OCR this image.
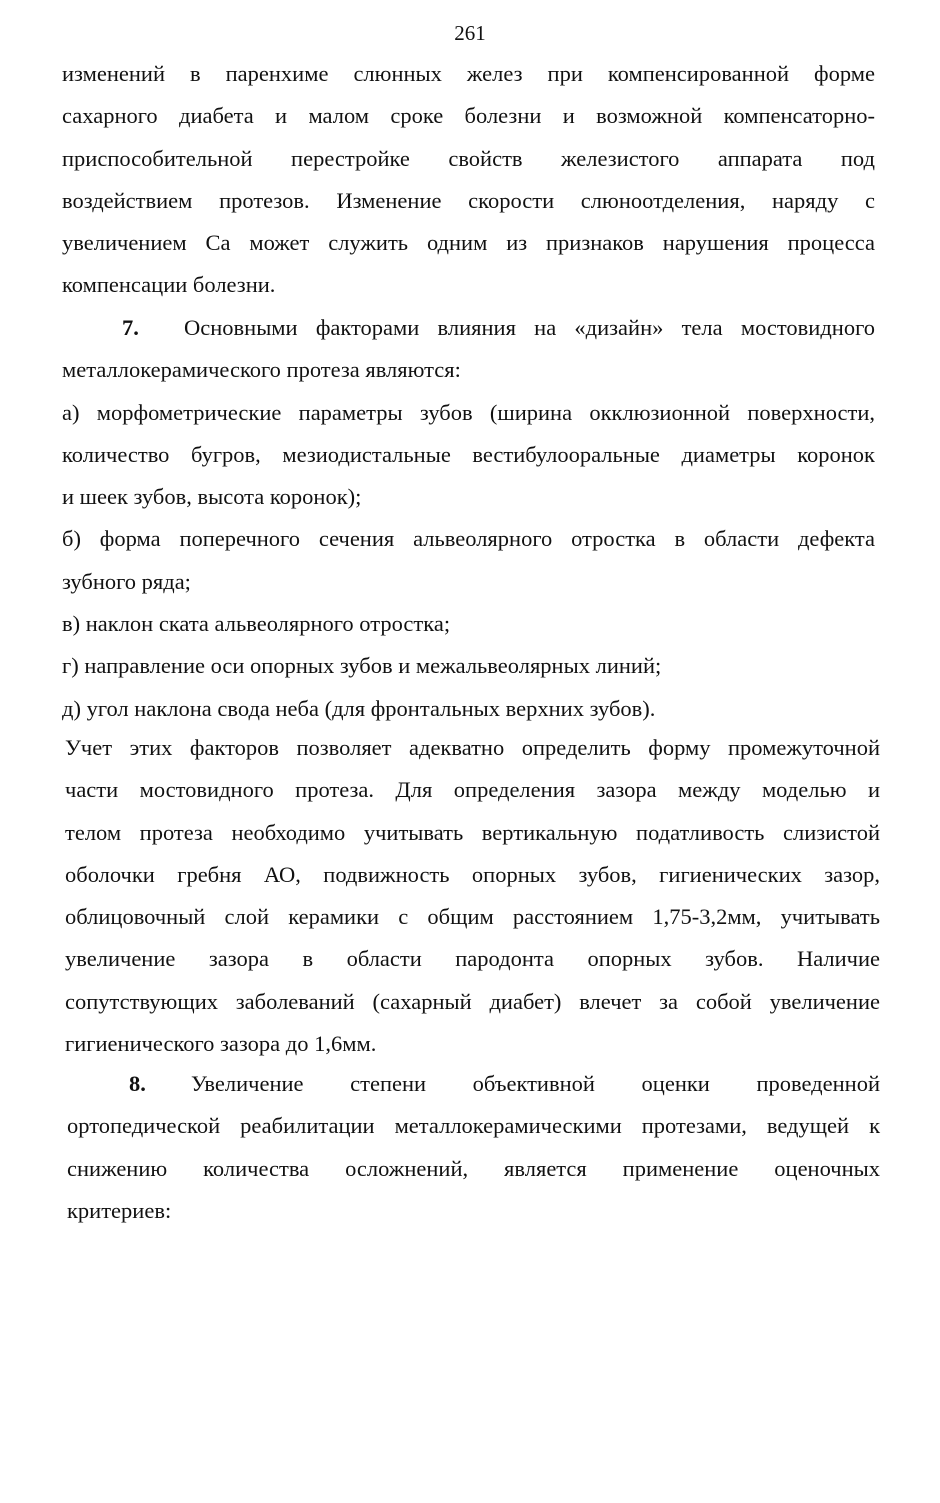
261
изменений в паренхиме слюнных желез при компенсированной форме
сахарного диабета и малом сроке болезни и возможной компенсаторно-
приспособительной перестройке свойств железистого аппарата под
воздействием протезов. Изменение скорости слюноотделения, наряду с
увеличением Са может служить одним из признаков нарушения процесса
компенсации болезни.
7. Основными факторами влияния на «дизайн» тела мостовидного
металлокерамического протеза являются:
а) морфометрические параметры зубов (ширина окклюзионной поверхности,
количество бугров, мезиодистальные вестибулооральные диаметры коронок
и шеек зубов, высота коронок);
б) форма поперечного сечения альвеолярного отростка в области дефекта
зубного ряда;
в) наклон ската альвеолярного отростка;
г) направление оси опорных зубов и межальвеолярных линий;
д) угол наклона свода неба (для фронтальных верхних зубов).
Учет этих факторов позволяет адекватно определить форму промежуточной
части мостовидного протеза. Для определения зазора между моделью и
телом протеза необходимо учитывать вертикальную податливость слизистой
оболочки гребня АО, подвижность опорных зубов, гигиенических зазор,
облицовочный слой керамики с общим расстоянием 1,75-3,2мм, учитывать
увеличение зазора в области пародонта опорных зубов. Наличие
сопутствующих заболеваний (сахарный диабет) влечет за собой увеличение
гигиенического зазора до 1,6мм.
8. Увеличение степени объективной оценки проведенной
ортопедической реабилитации металлокерамическими протезами, ведущей к
снижению количества осложнений, является применение оценочных
критериев:
